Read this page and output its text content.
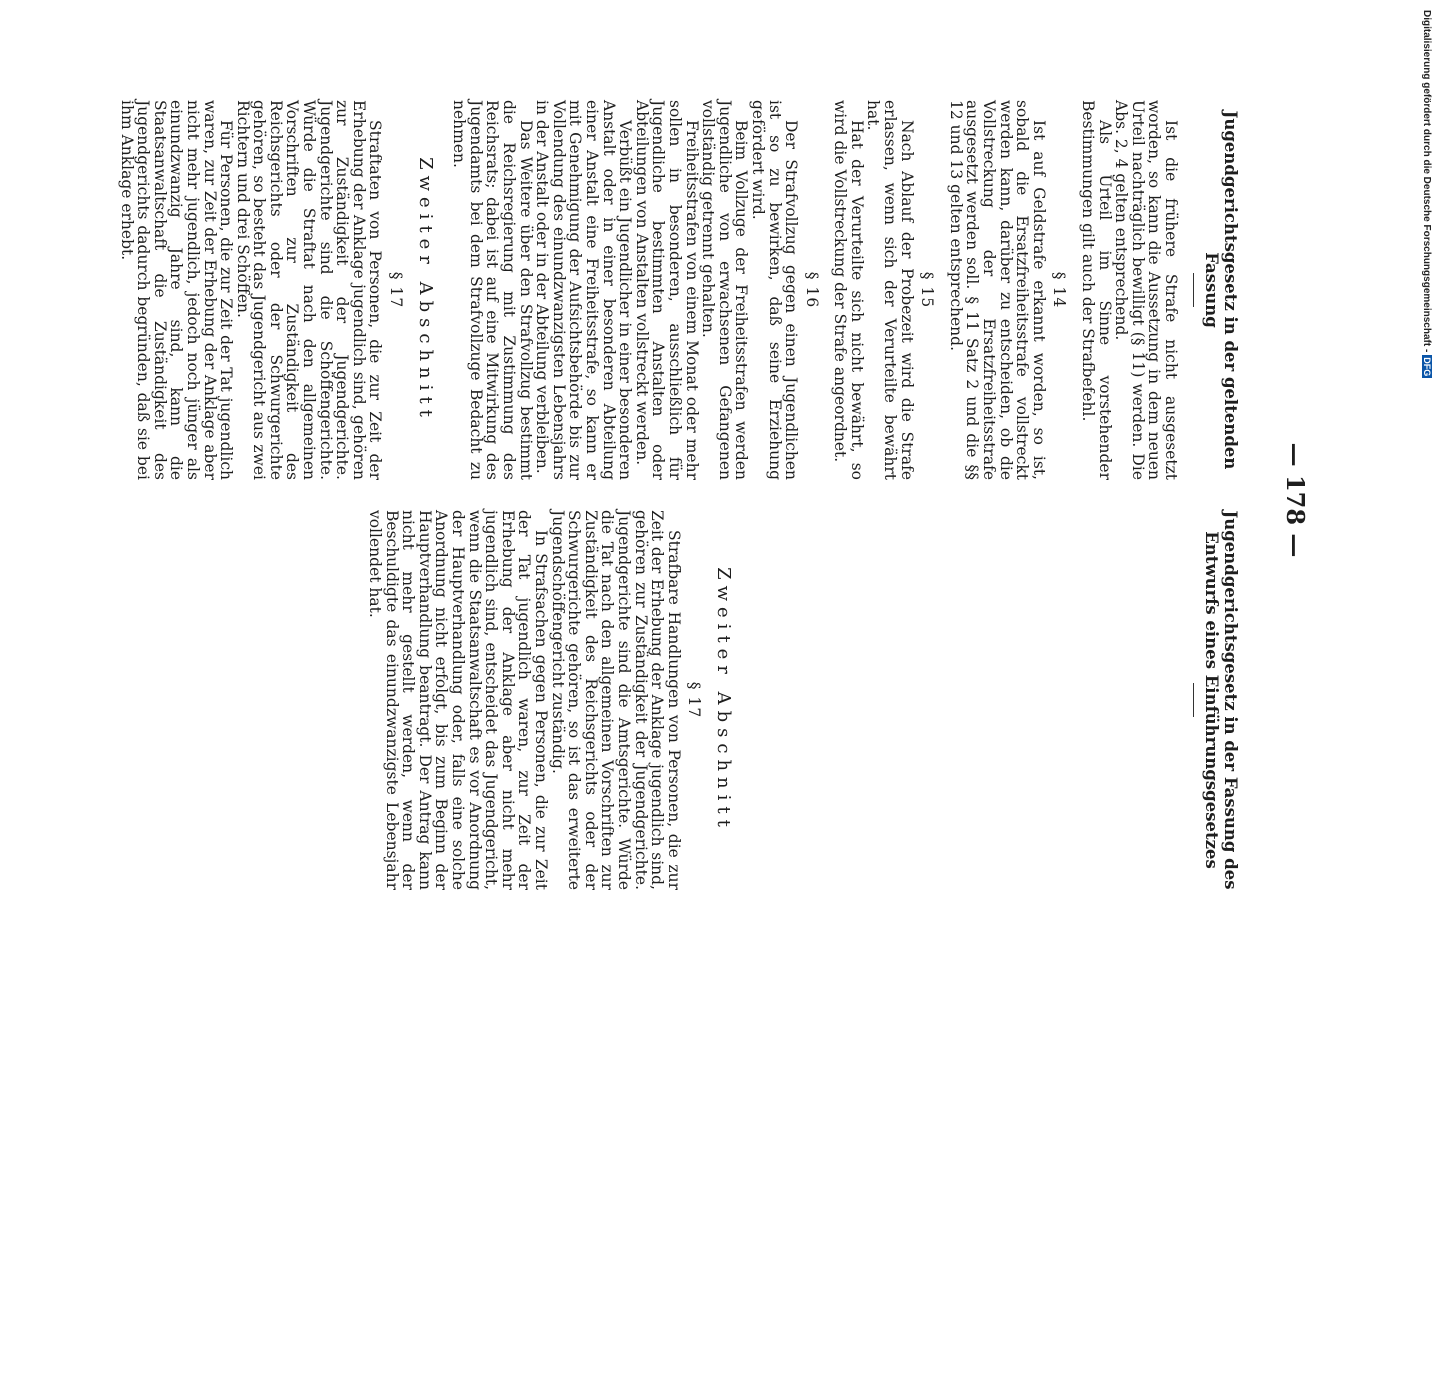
— 178 —
Jugendgerichtsgesetz in der Fassung des Entwurfs eines Einführungsgesetzes
Zweiter Abschnitt
§ 17

Strafbare Handlungen von Personen, die zur Zeit der Erhebung der Anklage jugendlich sind, gehören zur Zuständigkeit der Jugendgerichte. Jugendgerichte sind die Amtsgerichte. Würde die Tat nach den allgemeinen Vorschriften zur Zuständigkeit des Reichsgerichts oder der Schwurgerichte gehören, so ist das erweiterte Jugendschöffengericht zuständig.

In Strafsachen gegen Personen, die zur Zeit der Tat jugendlich waren, zur Zeit der Erhebung der Anklage aber nicht mehr jugendlich sind, entscheidet das Jugendgericht, wenn die Staatsanwaltschaft es vor Anordnung der Hauptverhandlung oder, falls eine solche Anordnung nicht erfolgt, bis zum Beginn der Hauptverhandlung beantragt. Der Antrag kann nicht mehr gestellt werden, wenn der Beschuldigte das einundzwanzigste Lebensjahr vollendet hat.

Jugendgerichtsgesetz in der geltenden Fassung

Ist die frühere Strafe nicht ausgesetzt worden, so kann die Aussetzung in dem neuen Urteil nachträglich bewilligt (§ 11) werden. Die Abs. 2, 4 gelten entsprechend.

Als Urteil im Sinne vorstehender Bestimmungen gilt auch der Strafbefehl.

§ 14

Ist auf Geldstrafe erkannt worden, so ist, sobald die Ersatzfreiheitsstrafe vollstreckt werden kann, darüber zu entscheiden, ob die Vollstreckung der Ersatzfreiheitsstrafe ausgesetzt werden soll. § 11 Satz 2 und die §§ 12 und 13 gelten entsprechend.

§ 15

Nach Ablauf der Probezeit wird die Strafe erlassen, wenn sich der Verurteilte bewährt hat.

Hat der Verurteilte sich nicht bewährt, so wird die Vollstreckung der Strafe angeordnet.

§ 16

Der Strafvollzug gegen einen Jugendlichen ist so zu bewirken, daß seine Erziehung gefördert wird.

Beim Vollzuge der Freiheitsstrafen werden Jugendliche von erwachsenen Gefangenen vollständig getrennt gehalten.

Freiheitsstrafen von einem Monat oder mehr sollen in besonderen, ausschließlich für Jugendliche bestimmten Anstalten oder Abteilungen von Anstalten vollstreckt werden.

Verbüßt ein Jugendlicher in einer besonderen Anstalt oder in einer besonderen Abteilung einer Anstalt eine Freiheitsstrafe, so kann er mit Genehmigung der Aufsichtsbehörde bis zur Vollendung des einundzwanzigsten Lebensjahrs in der Anstalt oder in der Abteilung verbleiben.

Das Weitere über den Strafvollzug bestimmt die Reichsregierung mit Zustimmung des Reichsrats; dabei ist auf eine Mitwirkung des Jugendamts bei dem Strafvollzuge Bedacht zu nehmen.

Zweiter Abschnitt
§ 17

Straftaten von Personen, die zur Zeit der Erhebung der Anklage jugendlich sind, gehören zur Zuständigkeit der Jugendgerichte. Jugendgerichte sind die Schöffengerichte. Würde die Straftat nach den allgemeinen Vorschriften zur Zuständigkeit des Reichsgerichts oder der Schwurgerichte gehören, so besteht das Jugendgericht aus zwei Richtern und drei Schöffen.

Für Personen, die zur Zeit der Tat jugendlich waren, zur Zeit der Erhebung der Anklage aber nicht mehr jugendlich, jedoch noch jünger als einundzwanzig Jahre sind, kann die Staatsanwaltschaft die Zuständigkeit des Jugendgerichts dadurch begründen, daß sie bei ihm Anklage erhebt.	Digitalisierung gefördert durch die Deutsche Forschungsgemeinschaft -DFG
